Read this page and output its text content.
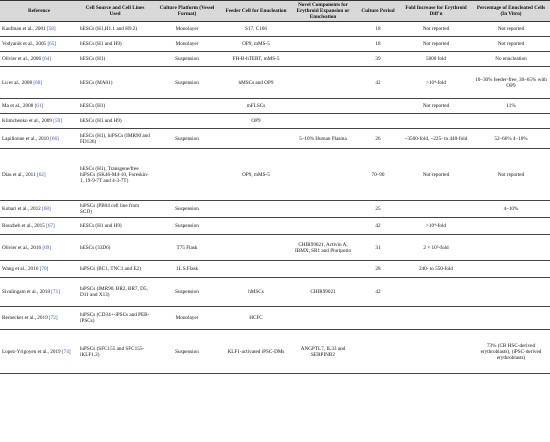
Reference	Cell Source and Cell Lines Used	Culture Platform (Vessel Format)	Feeder Cell for Enucleation	Novel Components for Erythroid Expansion or Enucleation	Culture Period	Fold Increase for Erythroid Diff'n	Percentage of Enucleated Cells (In Vitro)
Kaufman et al., 2001 [58]	hESCs (H1,H1.1 and H9.2)	Monolayer	S17, C166		18	Not reported	Not reported
Vodyanik et al., 2005 [65]	hESCs (H1 and H9)	Monolayer	OP9, mMS-5		18	Not reported	Not reported
Olivier et al., 2006 [64]	hESCs (H1)	Suspension	FH-B-hTERT, mMS-5		39	5000 fold	No enucleation
Lu et al., 2008 [60]	hESCs (MA01)	Suspension	hMSCs and OP9		42	>10⁴-fold	10–30% feeder-free, 30–65% with OP9
Ma et al., 2008 [61]	hESCs (H1)		mFLSCs			Not reported	11%
Klimchenko et al., 2009 [59]	hESCs (H1 and H9)		OP9				
Lapillonne et al., 2010 [66]	hESCs (H1), hiPSCs (IMR90 and FD136)	Suspension		5–10% Human Plasma	26	~3500-fold, ~225- to 440-fold	52–66% 4–10%
Dias et al., 2011 [62]	hESCs (H1), Transgene/free hiPSCs (SK46-M4-10, Foreskin-1, 19-9-7T and 4-3-7T)		OP9, mMS-5		70–90	Not reported	Not reported
Kobari et al., 2012 [68]	hiPSCs (PB04 cell line from SCD)	Suspension			25		4–10%
Rouzbeh et al., 2015 [67]	hESCs (H1 and H9)	Suspension			42	>10⁴-fold	
Olivier et al., 2016 [69]	hESCs (33D6)	T75 Flask		CHIR99021, Activin A, IBMX, SR1 and Pluripotin	31	2 × 10⁵-fold	
Wang et al., 2016 [70]	hiPSCs (BC1, TNC1 and E2)	1L S.Flask			28	240- to 550-fold	
Sivalingam et al., 2018 [71]	hiPSCs (IMR90, BR2, BR7, D5, D11 and X13)	Suspension	hMSCs	CHIR99021	42		
Bernecker et al., 2019 [72]	hiPSCs (CD34+-iPSCs and PEB-iPSCs)	Monolayer	HCFC				
Lopez-Yrigoyen et al., 2019 [74]	hiPSCs (SFC155 and SFC155-iKLF1.2)	Suspension	KLF1-activated iPSC-DMs	ANGPTL7, IL33 and SERPINB2			73% (CB HSC-derived erythroblasts), (iPSC-derived erythroblasts)
